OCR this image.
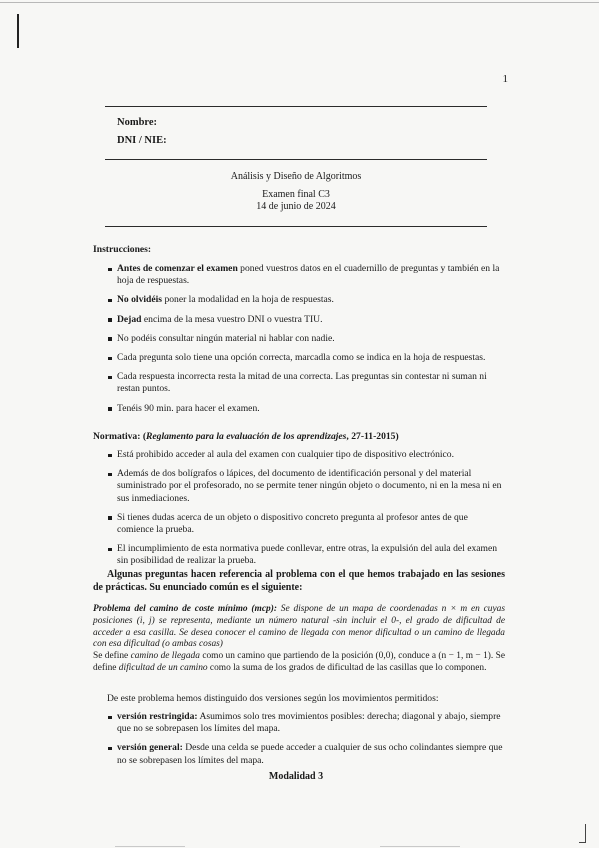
1
Nombre:
DNI / NIE:
Análisis y Diseño de Algoritmos
Examen final C3
14 de junio de 2024
Instrucciones:
Antes de comenzar el examen poned vuestros datos en el cuadernillo de preguntas y también en la hoja de respuestas.
No olvidéis poner la modalidad en la hoja de respuestas.
Dejad encima de la mesa vuestro DNI o vuestra TIU.
No podéis consultar ningún material ni hablar con nadie.
Cada pregunta solo tiene una opción correcta, marcadla como se indica en la hoja de respuestas.
Cada respuesta incorrecta resta la mitad de una correcta. Las preguntas sin contestar ni suman ni restan puntos.
Tenéis 90 min. para hacer el examen.
Normativa: (Reglamento para la evaluación de los aprendizajes, 27-11-2015)
Está prohibido acceder al aula del examen con cualquier tipo de dispositivo electrónico.
Además de dos bolígrafos o lápices, del documento de identificación personal y del material suministrado por el profesorado, no se permite tener ningún objeto o documento, ni en la mesa ni en sus inmediaciones.
Si tienes dudas acerca de un objeto o dispositivo concreto pregunta al profesor antes de que comience la prueba.
El incumplimiento de esta normativa puede conllevar, entre otras, la expulsión del aula del examen sin posibilidad de realizar la prueba.
Algunas preguntas hacen referencia al problema con el que hemos trabajado en las sesiones de prácticas. Su enunciado común es el siguiente:
Problema del camino de coste mínimo (mcp): Se dispone de un mapa de coordenadas n × m en cuyas posiciones (i, j) se representa, mediante un número natural -sin incluir el 0-, el grado de dificultad de acceder a esa casilla. Se desea conocer el camino de llegada con menor dificultad o un camino de llegada con esa dificultad (o ambas cosas)
Se define camino de llegada como un camino que partiendo de la posición (0,0), conduce a (n − 1, m − 1). Se define dificultad de un camino como la suma de los grados de dificultad de las casillas que lo componen.
De este problema hemos distinguido dos versiones según los movimientos permitidos:
versión restringida: Asumimos solo tres movimientos posibles: derecha; diagonal y abajo, siempre que no se sobrepasen los límites del mapa.
versión general: Desde una celda se puede acceder a cualquier de sus ocho colindantes siempre que no se sobrepasen los límites del mapa.
Modalidad 3
